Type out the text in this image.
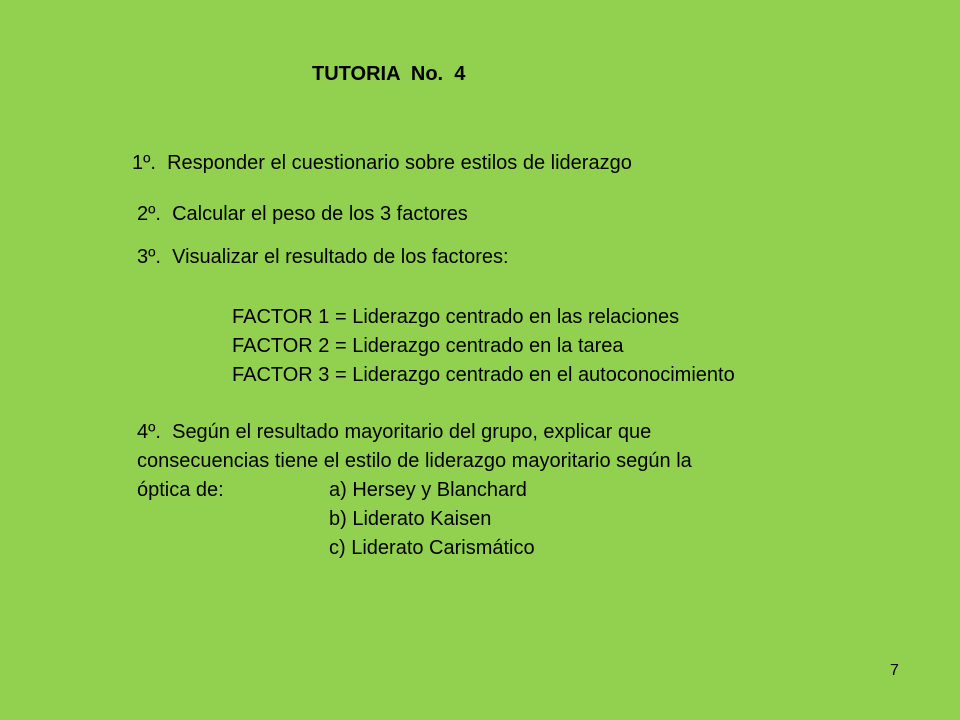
TUTORIA  No.  4
1º.  Responder el cuestionario sobre estilos de liderazgo
2º.  Calcular el peso de los 3 factores
3º.  Visualizar el resultado de los factores:
FACTOR 1 = Liderazgo centrado en las relaciones
FACTOR 2 = Liderazgo centrado en la tarea
FACTOR 3 = Liderazgo centrado en el autoconocimiento
4º.  Según el resultado mayoritario del grupo, explicar que
consecuencias tiene el estilo de liderazgo mayoritario según la

óptica de:

	a) Hersey y Blanchard

b) Liderato Kaisen

c) Liderato Carismático

7
